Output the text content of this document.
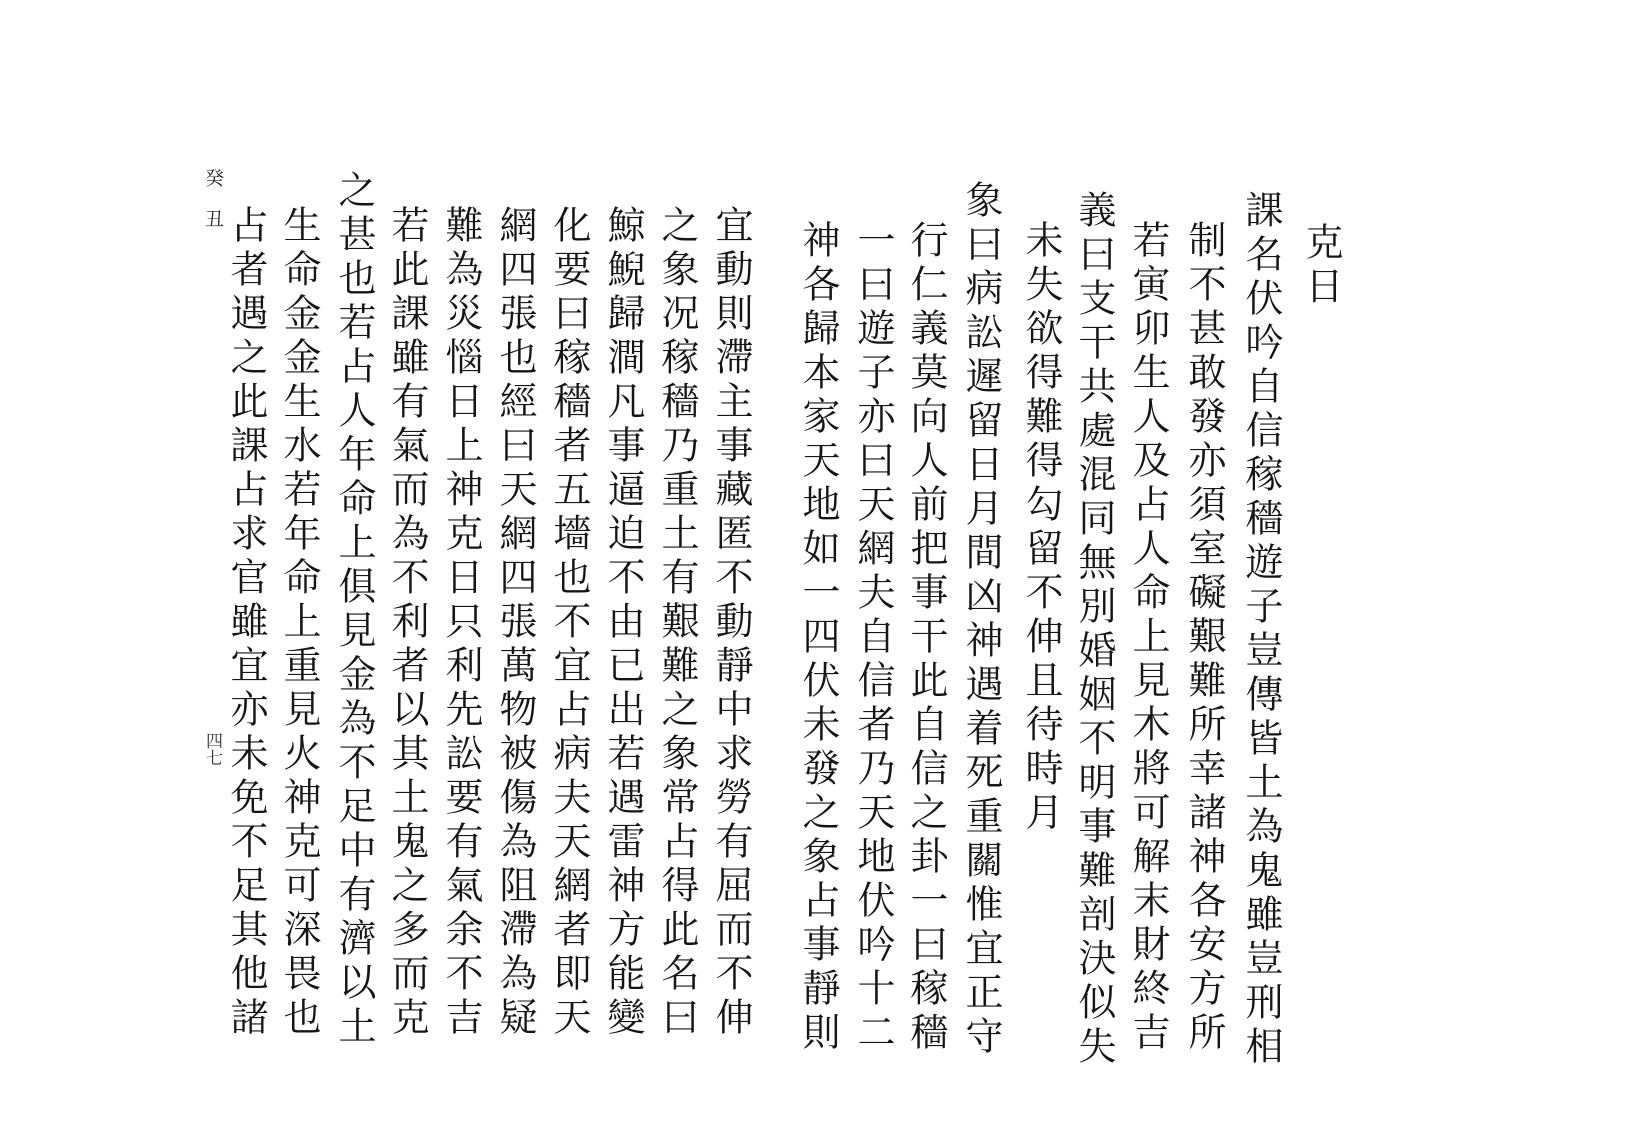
克日
課名伏吟自信稼穡遊子豈傳皆土為鬼雖豈刑相
制不甚敢發亦須室礙艱難所幸諸神各安方所
若寅卯生人及占人命上見木將可解末財終吉
義曰支干共處混同無別婚姻不明事難剖決似失
未失欲得難得勾留不伸且待時月
象曰病訟遲留日月間凶神遇着死重關惟宜正守
行仁義莫向人前把事干此自信之卦一曰稼穡
一曰遊子亦曰天網夫自信者乃天地伏吟十二
神各歸本家天地如一四伏未發之象占事靜則
宜動則滯主事藏匿不動靜中求勞有屈而不伸
之象况稼穡乃重土有艱難之象常占得此名曰
鯨鯢歸澗凡事逼迫不由已出若遇雷神方能變
化要曰稼穡者五墻也不宜占病夫天網者即天
網四張也經曰天網四張萬物被傷為阻滯為疑
難為災惱日上神克日只利先訟要有氣余不吉
若此課雖有氣而為不利者以其土鬼之多而克
之甚也若占人年命上俱見金為不足中有濟以土
生命金金生水若年命上重見火神克可深畏也
占者遇之此課占求官雖宜亦未免不足其他諸
癸丑
四七
